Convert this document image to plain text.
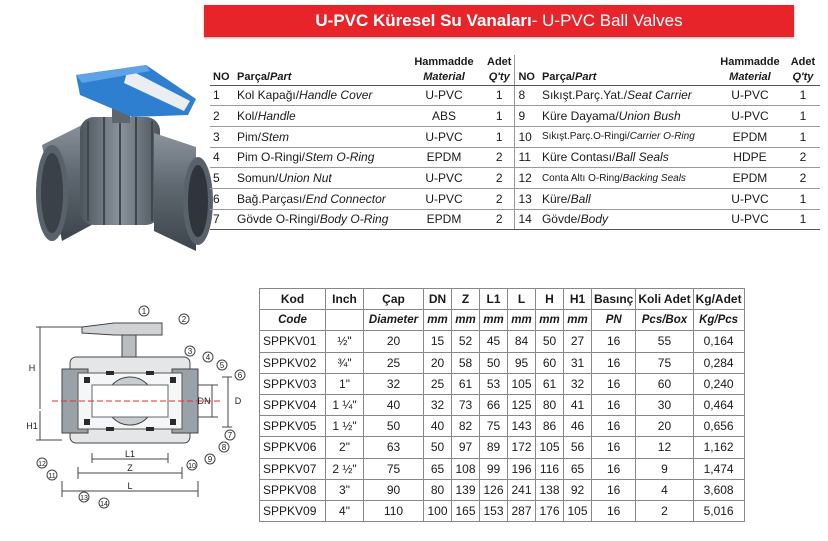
U-PVC Küresel Su Vanaları - U-PVC Ball Valves
		Hammadde	Adet			Hammadde	Adet
NO	Parça/Part	Material	Q'ty	NO	Parça/Part	Material	Q'ty
1	Kol Kapağı/Handle Cover	U-PVC	1	8	Sıkışt.Parç.Yat./Seat Carrier	U-PVC	1
2	Kol/Handle	ABS	1	9	Küre Dayama/Union Bush	U-PVC	1
3	Pim/Stem	U-PVC	1	10	Sıkışt.Parç.O-Ringi/Carrier O-Ring	EPDM	1
4	Pim O-Ringi/Stem O-Ring	EPDM	2	11	Küre Contası/Ball Seals	HDPE	2
5	Somun/Union Nut	U-PVC	2	12	Conta Altı O-Ring/Backing Seals	EPDM	2
6	Bağ.Parçası/End Connector	U-PVC	2	13	Küre/Ball	U-PVC	1
7	Gövde O-Ringi/Body O-Ring	EPDM	2	14	Gövde/Body	U-PVC	1
1
2
3
4
5
6
7
8
9
10
11
12
13
14
H
H1
DN	D
L1
Z
L
Kod	Inch	Çap	DN	Z	L1	L	H	H1	Basınç	Koli Adet	Kg/Adet
Code		Diameter	mm	mm	mm	mm	mm	mm	PN	Pcs/Box	Kg/Pcs
SPPKV01	½"	20	15	52	45	84	50	27	16	55	0,164
SPPKV02	¾"	25	20	58	50	95	60	31	16	75	0,284
SPPKV03	1"	32	25	61	53	105	61	32	16	60	0,240
SPPKV04	1 ¼"	40	32	73	66	125	80	41	16	30	0,464
SPPKV05	1 ½"	50	40	82	75	143	86	46	16	20	0,656
SPPKV06	2"	63	50	97	89	172	105	56	16	12	1,162
SPPKV07	2 ½"	75	65	108	99	196	116	65	16	9	1,474
SPPKV08	3"	90	80	139	126	241	138	92	16	4	3,608
SPPKV09	4"	110	100	165	153	287	176	105	16	2	5,016
